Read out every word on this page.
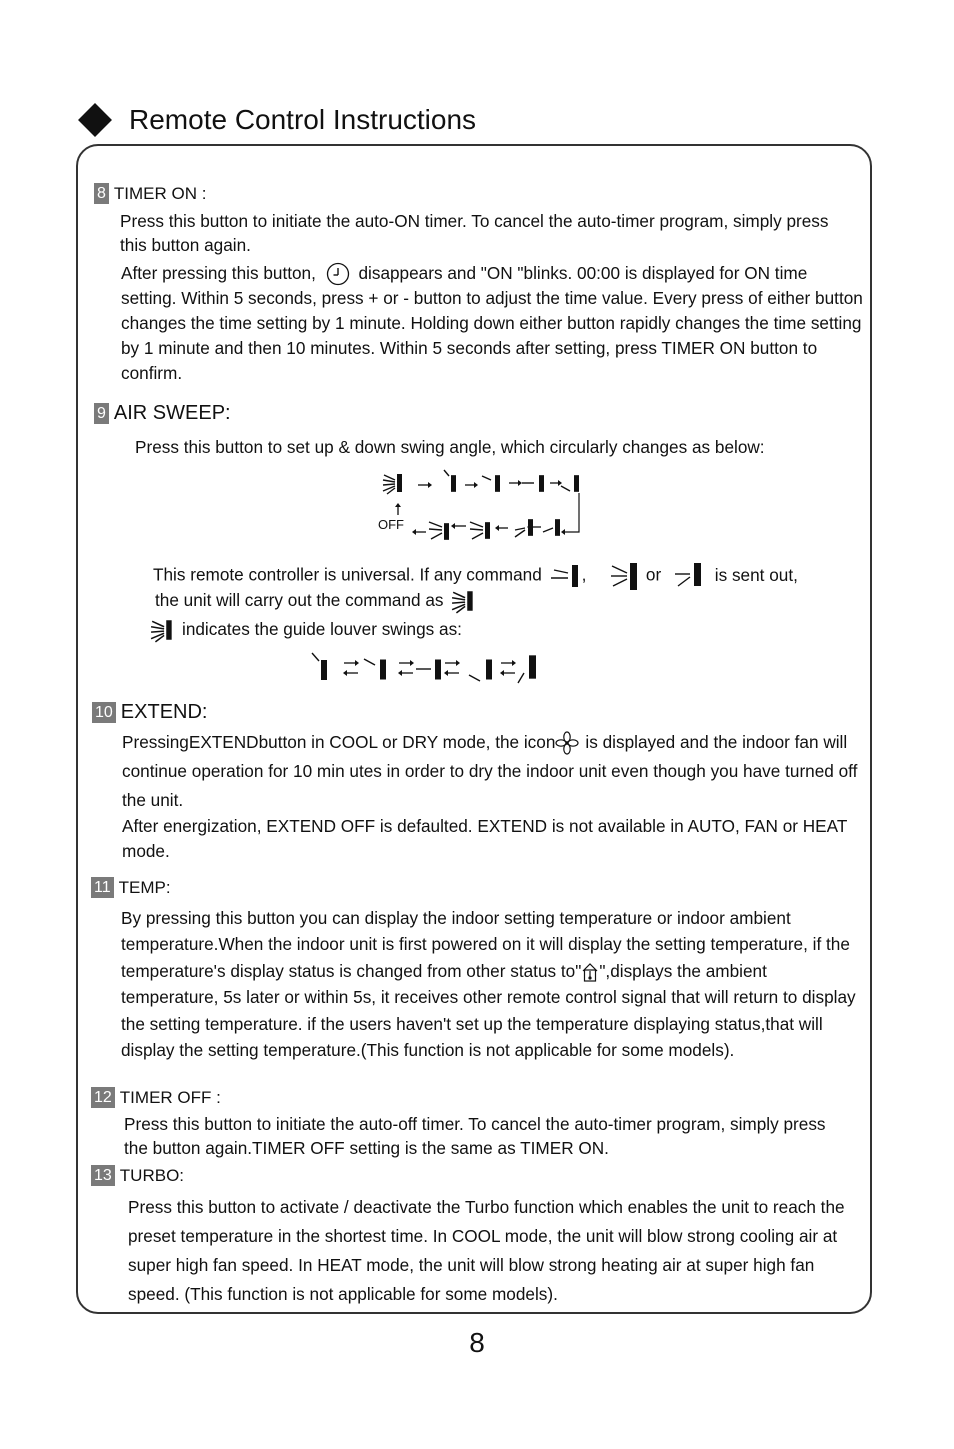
Remote Control Instructions
8 TIMER ON :

Press this button to initiate the auto-ON timer. To cancel the auto-timer program, simply press this button again.

After pressing this button, disappears and "ON "blinks. 00:00 is displayed for ON time setting. Within 5 seconds, press + or - button to adjust the time value. Every press of either button changes the time setting by 1 minute. Holding down either button rapidly changes the time setting by 1 minute and then 10 minutes. Within 5 seconds after setting, press TIMER ON button to confirm.

9 AIR SWEEP:

Press this button to set up & down swing angle, which circularly changes as below:

OFF

This remote controller is universal. If any command ,	or	is sent out,

the unit will carry out the command as

indicates the guide louver swings as:

10 EXTEND:

PressingEXTENDbutton in COOL or DRY mode, the icon is displayed and the indoor fan will continue operation for 10 min utes in order to dry the indoor unit even though you have turned off the unit.

After energization, EXTEND OFF is defaulted. EXTEND is not available in AUTO, FAN or HEAT mode.

11 TEMP:

By pressing this button you can display the indoor setting temperature or indoor ambient temperature.When the indoor unit is first powered on it will display the setting temperature, if the temperature's display status is changed from other status to" ",displays the ambient temperature, 5s later or within 5s, it receives other remote control signal that will return to display the setting temperature. if the users haven't set up the temperature displaying status,that will display the setting temperature.(This function is not applicable for some models).

12 TIMER OFF :

Press this button to initiate the auto-off timer. To cancel the auto-timer program, simply press the button again.TIMER OFF setting is the same as TIMER ON.

13 TURBO:

Press this button to activate / deactivate the Turbo function which enables the unit to reach the preset temperature in the shortest time. In COOL mode, the unit will blow strong cooling air at super high fan speed. In HEAT mode, the unit will blow strong heating air at super high fan speed. (This function is not applicable for some models).

8
